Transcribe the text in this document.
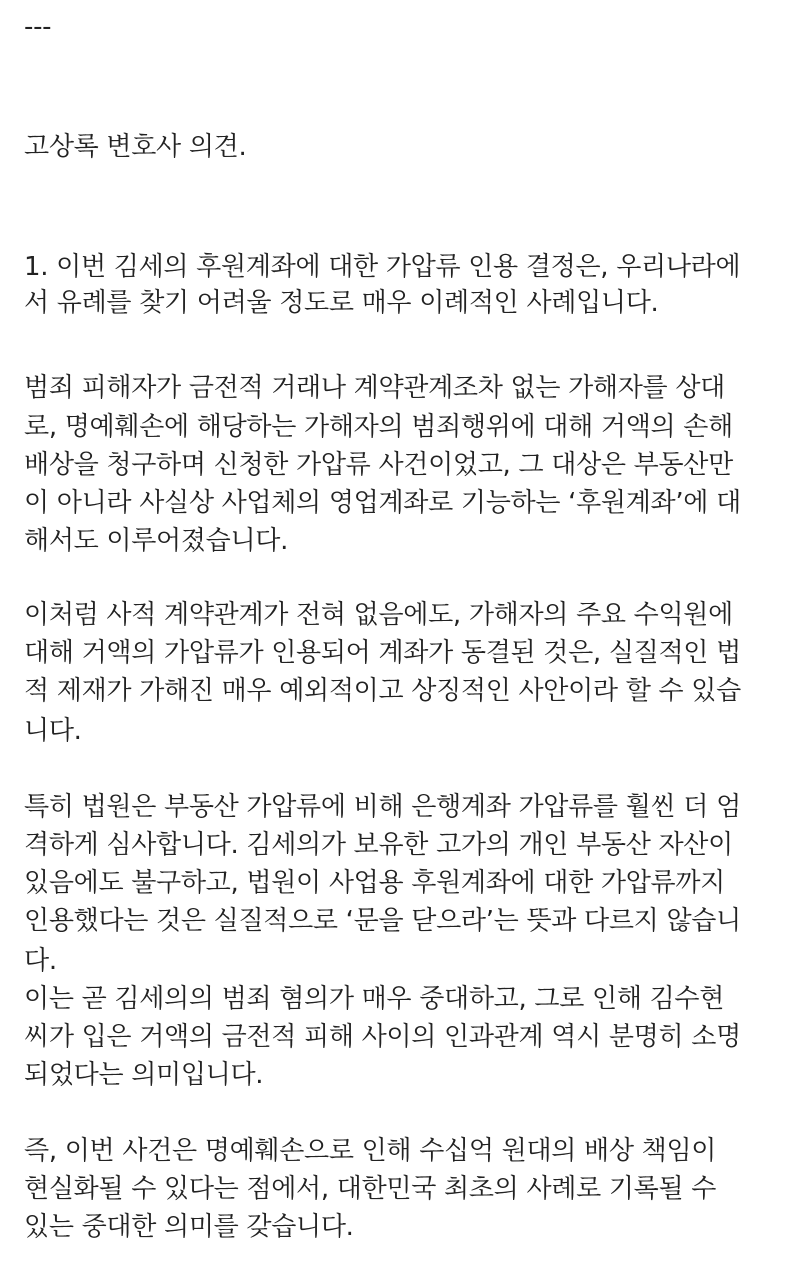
---
고상록 변호사 의견.
1. 이번 김세의 후원계좌에 대한 가압류 인용 결정은, 우리나라에
서 유례를 찾기 어려울 정도로 매우 이례적인 사례입니다.
범죄 피해자가 금전적 거래나 계약관계조차 없는 가해자를 상대
로, 명예훼손에 해당하는 가해자의 범죄행위에 대해 거액의 손해
배상을 청구하며 신청한 가압류 사건이었고, 그 대상은 부동산만
이 아니라 사실상 사업체의 영업계좌로 기능하는 ‘후원계좌’에 대
해서도 이루어졌습니다.
이처럼 사적 계약관계가 전혀 없음에도, 가해자의 주요 수익원에
대해 거액의 가압류가 인용되어 계좌가 동결된 것은, 실질적인 법
적 제재가 가해진 매우 예외적이고 상징적인 사안이라 할 수 있습
니다.
특히 법원은 부동산 가압류에 비해 은행계좌 가압류를 훨씬 더 엄
격하게 심사합니다. 김세의가 보유한 고가의 개인 부동산 자산이
있음에도 불구하고, 법원이 사업용 후원계좌에 대한 가압류까지
인용했다는 것은 실질적으로 ‘문을 닫으라’는 뜻과 다르지 않습니
다.
이는 곧 김세의의 범죄 혐의가 매우 중대하고, 그로 인해 김수현
씨가 입은 거액의 금전적 피해 사이의 인과관계 역시 분명히 소명
되었다는 의미입니다.
즉, 이번 사건은 명예훼손으로 인해 수십억 원대의 배상 책임이
현실화될 수 있다는 점에서, 대한민국 최초의 사례로 기록될 수
있는 중대한 의미를 갖습니다.
